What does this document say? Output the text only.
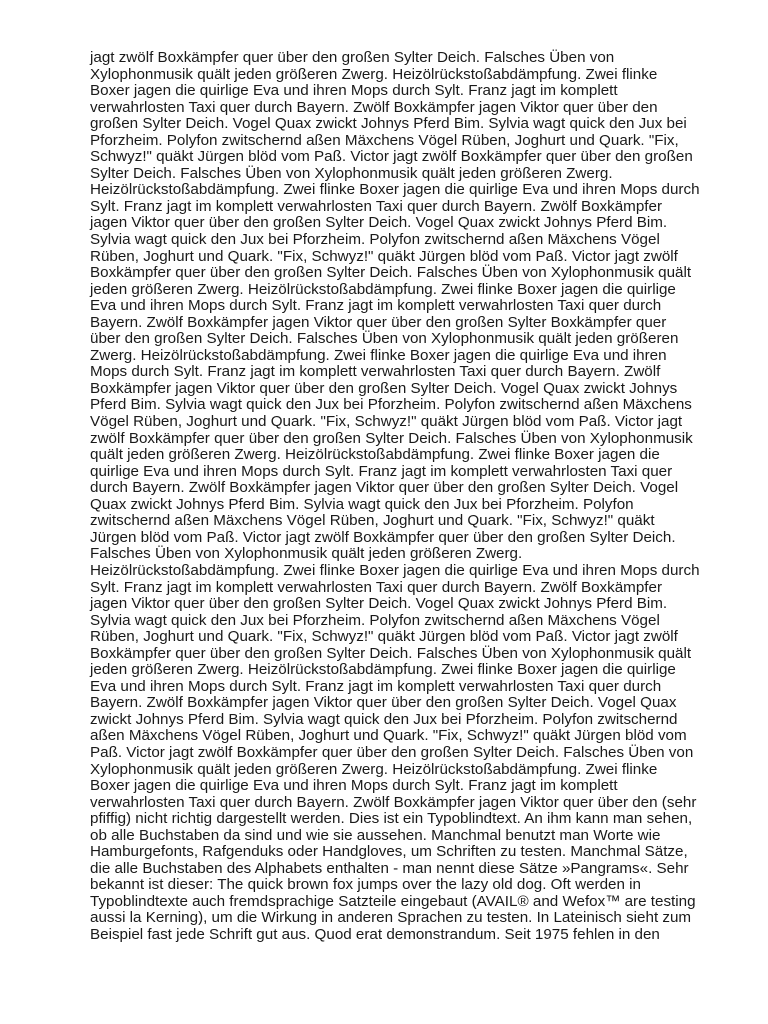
jagt zwölf Boxkämpfer quer über den großen Sylter Deich. Falsches Üben von
Xylophonmusik quält jeden größeren Zwerg. Heizölrückstoßabdämpfung. Zwei flinke
Boxer jagen die quirlige Eva und ihren Mops durch Sylt. Franz jagt im komplett
verwahrlosten Taxi quer durch Bayern. Zwölf Boxkämpfer jagen Viktor quer über den
großen Sylter Deich. Vogel Quax zwickt Johnys Pferd Bim. Sylvia wagt quick den Jux bei
Pforzheim. Polyfon zwitschernd aßen Mäxchens Vögel Rüben, Joghurt und Quark. "Fix,
Schwyz!" quäkt Jürgen blöd vom Paß. Victor jagt zwölf Boxkämpfer quer über den großen
Sylter Deich. Falsches Üben von Xylophonmusik quält jeden größeren Zwerg.
Heizölrückstoßabdämpfung. Zwei flinke Boxer jagen die quirlige Eva und ihren Mops durch
Sylt. Franz jagt im komplett verwahrlosten Taxi quer durch Bayern. Zwölf Boxkämpfer
jagen Viktor quer über den großen Sylter Deich. Vogel Quax zwickt Johnys Pferd Bim.
Sylvia wagt quick den Jux bei Pforzheim. Polyfon zwitschernd aßen Mäxchens Vögel
Rüben, Joghurt und Quark. "Fix, Schwyz!" quäkt Jürgen blöd vom Paß. Victor jagt zwölf
Boxkämpfer quer über den großen Sylter Deich. Falsches Üben von Xylophonmusik quält
jeden größeren Zwerg. Heizölrückstoßabdämpfung. Zwei flinke Boxer jagen die quirlige
Eva und ihren Mops durch Sylt. Franz jagt im komplett verwahrlosten Taxi quer durch
Bayern. Zwölf Boxkämpfer jagen Viktor quer über den großen Sylter Boxkämpfer quer
über den großen Sylter Deich. Falsches Üben von Xylophonmusik quält jeden größeren
Zwerg. Heizölrückstoßabdämpfung. Zwei flinke Boxer jagen die quirlige Eva und ihren
Mops durch Sylt. Franz jagt im komplett verwahrlosten Taxi quer durch Bayern. Zwölf
Boxkämpfer jagen Viktor quer über den großen Sylter Deich. Vogel Quax zwickt Johnys
Pferd Bim. Sylvia wagt quick den Jux bei Pforzheim. Polyfon zwitschernd aßen Mäxchens
Vögel Rüben, Joghurt und Quark. "Fix, Schwyz!" quäkt Jürgen blöd vom Paß. Victor jagt
zwölf Boxkämpfer quer über den großen Sylter Deich. Falsches Üben von Xylophonmusik
quält jeden größeren Zwerg. Heizölrückstoßabdämpfung. Zwei flinke Boxer jagen die
quirlige Eva und ihren Mops durch Sylt. Franz jagt im komplett verwahrlosten Taxi quer
durch Bayern. Zwölf Boxkämpfer jagen Viktor quer über den großen Sylter Deich. Vogel
Quax zwickt Johnys Pferd Bim. Sylvia wagt quick den Jux bei Pforzheim. Polyfon
zwitschernd aßen Mäxchens Vögel Rüben, Joghurt und Quark. "Fix, Schwyz!" quäkt
Jürgen blöd vom Paß. Victor jagt zwölf Boxkämpfer quer über den großen Sylter Deich.
Falsches Üben von Xylophonmusik quält jeden größeren Zwerg.
Heizölrückstoßabdämpfung. Zwei flinke Boxer jagen die quirlige Eva und ihren Mops durch
Sylt. Franz jagt im komplett verwahrlosten Taxi quer durch Bayern. Zwölf Boxkämpfer
jagen Viktor quer über den großen Sylter Deich. Vogel Quax zwickt Johnys Pferd Bim.
Sylvia wagt quick den Jux bei Pforzheim. Polyfon zwitschernd aßen Mäxchens Vögel
Rüben, Joghurt und Quark. "Fix, Schwyz!" quäkt Jürgen blöd vom Paß. Victor jagt zwölf
Boxkämpfer quer über den großen Sylter Deich. Falsches Üben von Xylophonmusik quält
jeden größeren Zwerg. Heizölrückstoßabdämpfung. Zwei flinke Boxer jagen die quirlige
Eva und ihren Mops durch Sylt. Franz jagt im komplett verwahrlosten Taxi quer durch
Bayern. Zwölf Boxkämpfer jagen Viktor quer über den großen Sylter Deich. Vogel Quax
zwickt Johnys Pferd Bim. Sylvia wagt quick den Jux bei Pforzheim. Polyfon zwitschernd
aßen Mäxchens Vögel Rüben, Joghurt und Quark. "Fix, Schwyz!" quäkt Jürgen blöd vom
Paß. Victor jagt zwölf Boxkämpfer quer über den großen Sylter Deich. Falsches Üben von
Xylophonmusik quält jeden größeren Zwerg. Heizölrückstoßabdämpfung. Zwei flinke
Boxer jagen die quirlige Eva und ihren Mops durch Sylt. Franz jagt im komplett
verwahrlosten Taxi quer durch Bayern. Zwölf Boxkämpfer jagen Viktor quer über den (sehr
pfiffig) nicht richtig dargestellt werden. Dies ist ein Typoblindtext. An ihm kann man sehen,
ob alle Buchstaben da sind und wie sie aussehen. Manchmal benutzt man Worte wie
Hamburgefonts, Rafgenduks oder Handgloves, um Schriften zu testen. Manchmal Sätze,
die alle Buchstaben des Alphabets enthalten - man nennt diese Sätze »Pangrams«. Sehr
bekannt ist dieser: The quick brown fox jumps over the lazy old dog. Oft werden in
Typoblindtexte auch fremdsprachige Satzteile eingebaut (AVAIL® and Wefox™ are testing
aussi la Kerning), um die Wirkung in anderen Sprachen zu testen. In Lateinisch sieht zum
Beispiel fast jede Schrift gut aus. Quod erat demonstrandum. Seit 1975 fehlen in den
